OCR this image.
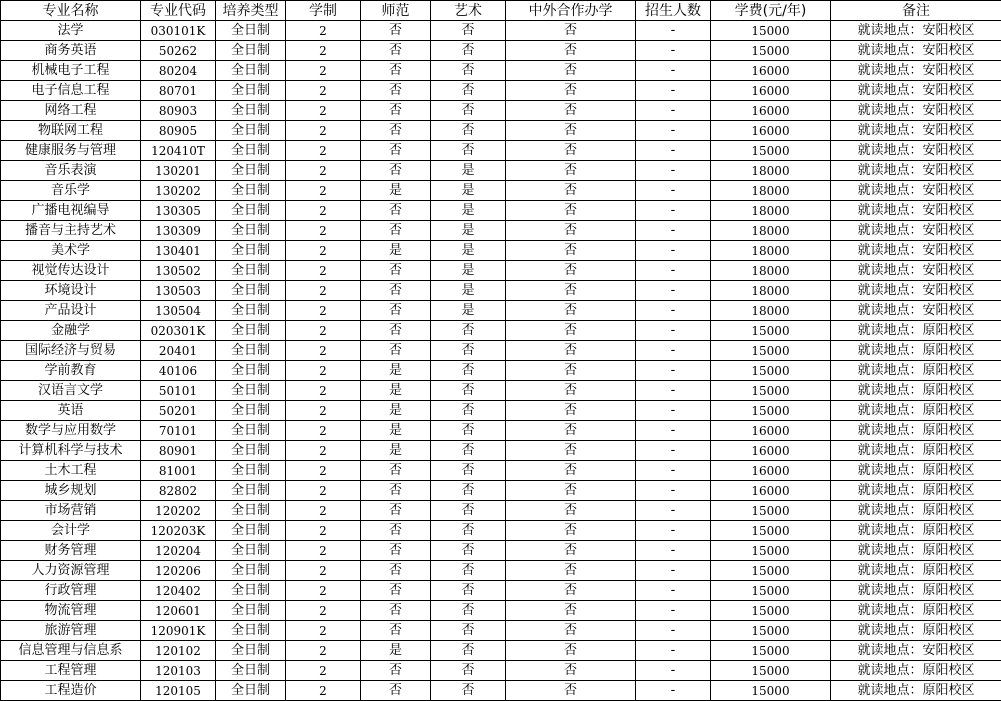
专业名称	专业代码	培养类型	学制	师范	艺术	中外合作办学	招生人数	学费(元/年)	备注
法学	030101K	全日制	2	否	否	否	-	15000	就读地点：安阳校区
商务英语	50262	全日制	2	否	否	否	-	15000	就读地点：安阳校区
机械电子工程	80204	全日制	2	否	否	否	-	16000	就读地点：安阳校区
电子信息工程	80701	全日制	2	否	否	否	-	16000	就读地点：安阳校区
网络工程	80903	全日制	2	否	否	否	-	16000	就读地点：安阳校区
物联网工程	80905	全日制	2	否	否	否	-	16000	就读地点：安阳校区
健康服务与管理	120410T	全日制	2	否	否	否	-	15000	就读地点：安阳校区
音乐表演	130201	全日制	2	否	是	否	-	18000	就读地点：安阳校区
音乐学	130202	全日制	2	是	是	否	-	18000	就读地点：安阳校区
广播电视编导	130305	全日制	2	否	是	否	-	18000	就读地点：安阳校区
播音与主持艺术	130309	全日制	2	否	是	否	-	18000	就读地点：安阳校区
美术学	130401	全日制	2	是	是	否	-	18000	就读地点：安阳校区
视觉传达设计	130502	全日制	2	否	是	否	-	18000	就读地点：安阳校区
环境设计	130503	全日制	2	否	是	否	-	18000	就读地点：安阳校区
产品设计	130504	全日制	2	否	是	否	-	18000	就读地点：安阳校区
金融学	020301K	全日制	2	否	否	否	-	15000	就读地点：原阳校区
国际经济与贸易	20401	全日制	2	否	否	否	-	15000	就读地点：原阳校区
学前教育	40106	全日制	2	是	否	否	-	15000	就读地点：原阳校区
汉语言文学	50101	全日制	2	是	否	否	-	15000	就读地点：原阳校区
英语	50201	全日制	2	是	否	否	-	15000	就读地点：原阳校区
数学与应用数学	70101	全日制	2	是	否	否	-	16000	就读地点：原阳校区
计算机科学与技术	80901	全日制	2	是	否	否	-	16000	就读地点：原阳校区
土木工程	81001	全日制	2	否	否	否	-	16000	就读地点：原阳校区
城乡规划	82802	全日制	2	否	否	否	-	16000	就读地点：原阳校区
市场营销	120202	全日制	2	否	否	否	-	15000	就读地点：原阳校区
会计学	120203K	全日制	2	否	否	否	-	15000	就读地点：原阳校区
财务管理	120204	全日制	2	否	否	否	-	15000	就读地点：原阳校区
人力资源管理	120206	全日制	2	否	否	否	-	15000	就读地点：原阳校区
行政管理	120402	全日制	2	否	否	否	-	15000	就读地点：原阳校区
物流管理	120601	全日制	2	否	否	否	-	15000	就读地点：原阳校区
旅游管理	120901K	全日制	2	否	否	否	-	15000	就读地点：原阳校区
信息管理与信息系	120102	全日制	2	是	否	否	-	15000	就读地点：安阳校区
工程管理	120103	全日制	2	否	否	否	-	15000	就读地点：原阳校区
工程造价	120105	全日制	2	否	否	否	-	15000	就读地点：原阳校区
